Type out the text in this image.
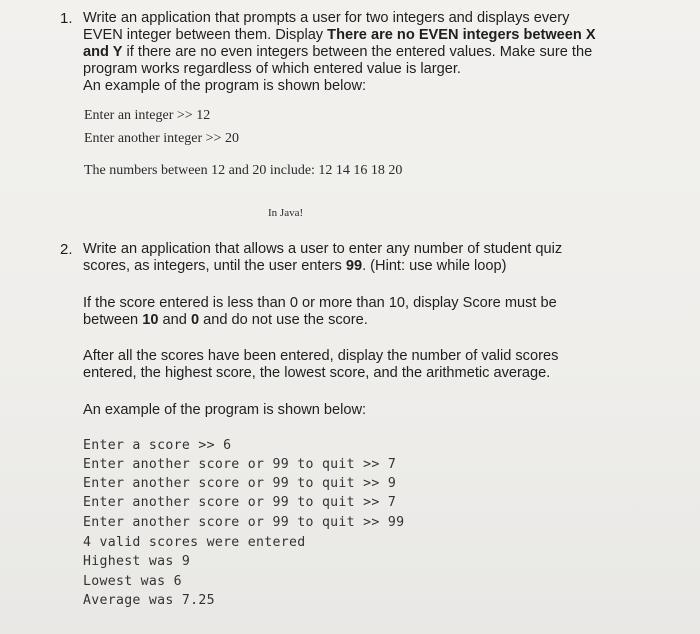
1. Write an application that prompts a user for two integers and displays every
EVEN integer between them. Display There are no EVEN integers between X
and Y if there are no even integers between the entered values. Make sure the
program works regardless of which entered value is larger.
An example of the program is shown below:
Enter an integer >> 12
Enter another integer >> 20
The numbers between 12 and 20 include: 12 14 16 18 20
In Java!
2. Write an application that allows a user to enter any number of student quiz
scores, as integers, until the user enters 99. (Hint: use while loop)
If the score entered is less than 0 or more than 10, display Score must be
between 10 and 0 and do not use the score.
After all the scores have been entered, display the number of valid scores
entered, the highest score, the lowest score, and the arithmetic average.
An example of the program is shown below:
Enter a score >> 6
Enter another score or 99 to quit >> 7
Enter another score or 99 to quit >> 9
Enter another score or 99 to quit >> 7
Enter another score or 99 to quit >> 99
4 valid scores were entered
Highest was 9
Lowest was 6
Average was 7.25
